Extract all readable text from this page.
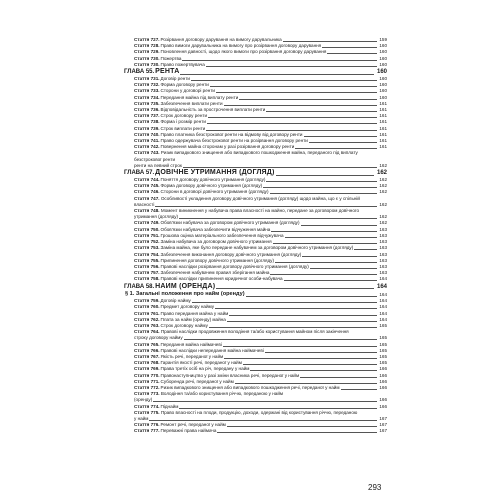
Стаття 727. Розірвання договору дарування на вимогу дарувальника	159
Стаття 728. Право вимоги дарувальника на вимогу про розірвання договору дарування	160
Стаття 729. Поновлення давності, щодо якого вимоги про розірвання договору дарування	160
Стаття 730. Пожертва	160
Стаття 730. Право пожертвувача	160
ГЛАВА 55. РЕНТА	160
Стаття 731. Договір ренти	160
Стаття 732. Форма договору ренти	160
Стаття 733. Сторони у договорі ренти	160
Стаття 734. Передання майна під виплату ренти	160
Стаття 735. Забезпечення виплати ренти	161
Стаття 736. Відповідальність за прострочення виплати ренти	161
Стаття 737. Строк договору ренти	161
Стаття 738. Форма і розмір ренти	161
Стаття 739. Строк виплати ренти	161
Стаття 740. Право платника безстрокової ренти на відмову від договору ренти	161
Стаття 741. Право одержувача безстрокової ренти на розірвання договору ренти	161
Стаття 742. Повернення майна сторонам у разі розірвання договору ренти	161
Стаття 743. Ризик випадкового знищення або випадкового пошкодження майна, переданого під виплату
безстрокової ренти
ренти на певний строк	162
ГЛАВА 57. ДОВІЧНЕ УТРИМАННЯ (ДОГЛЯД)	162
Стаття 744. Поняття договору довічного утримання (догляду)	162
Стаття 745. Форма договору довічного утримання (догляду)	162
Стаття 746. Сторони в договорі довічного утримання (догляду)	162
Стаття 747. Особливості укладення договору довічного утримання (догляду) щодо майна, що є у спільній
власності	162
Стаття 748. Момент виникнення у набувача права власності на майно, передане за договором довічного
утримання (догляду)	162
Стаття 749. Обов'язки набувача за договором довічного утримання (догляду)	162
Стаття 750. Обов'язки набувача забезпечити відчуження майна	163
Стаття 751. Грошова оцінка матеріального забезпечення відчужувача	163
Стаття 752. Заміна набувача за договором довічного утримання	163
Стаття 753. Заміна майна, яке було передане набувачем за договором довічного утримання (догляду)	163
Стаття 754. Забезпечення виконання договору довічного утримання (догляду)	163
Стаття 755. Припинення договору довічного утримання (догляду)	163
Стаття 756. Правові наслідки розірвання договору довічного утримання (догляду)	163
Стаття 757. Забезпечення набувачем правил зберігання майна	163
Стаття 758. Правові наслідки припинення юридичної особи-набувача	164
ГЛАВА 58. НАЙМ (ОРЕНДА)	164
§ 1. Загальні положення про найм (оренду)	164
Стаття 759. Договір найму	164
Стаття 760. Предмет договору найму	164
Стаття 761. Право передання майна у найм	164
Стаття 762. Плата за найм (оренду) майна	164
Стаття 763. Строк договору найму	165
Стаття 764. Правові наслідки продовження володіння та/або користування майном після закінчення
строку договору найму	165
Стаття 765. Передання майна наймачеві	165
Стаття 766. Правові наслідки непередання майна наймачеві	165
Стаття 767. Якість речі, переданої у найм	165
Стаття 768. Гарантія якості речі, переданої у найм	165
Стаття 769. Права третіх осіб на річ, передану у найм	166
Стаття 770. Правонаступництво у разі зміни власника речі, переданої у найм	166
Стаття 771. Суборенда речі, переданої у найм	166
Стаття 772. Ризик випадкового знищення або випадкового пошкодження речі, переданої у найм	166
Стаття 773. Володіння та/або користування річчю, переданою у найм
(оренду)	166
Стаття 774. Піднайм	166
Стаття 775. Право власності на плоди, продукцію, доходи, одержані від користування річчю, переданою
у найм	167
Стаття 776. Ремонт речі, переданої у найм	167
Стаття 777. Переважні права наймача	167
293
